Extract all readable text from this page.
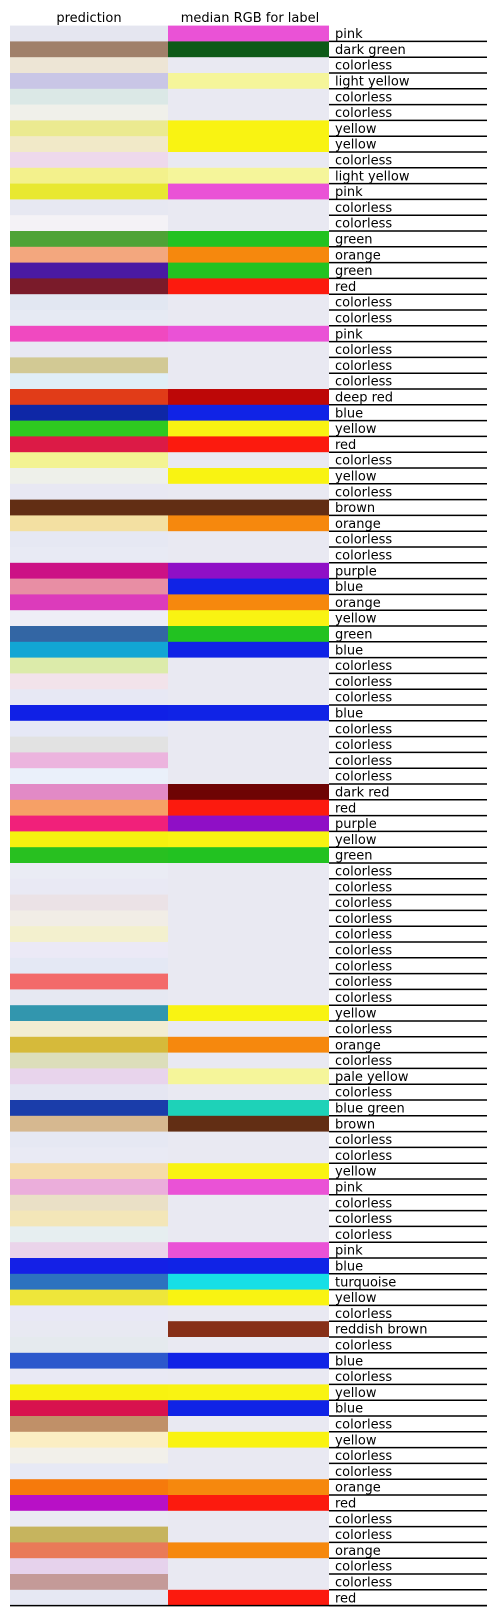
prediction	median RGB for label
pink
dark green
colorless
light yellow
colorless
colorless
yellow
yellow
colorless
light yellow
pink
colorless
colorless
green
orange
green
red
colorless
colorless
pink
colorless
colorless
colorless
deep red
blue
yellow
red
colorless
yellow
colorless
brown
orange
colorless
colorless
purple
blue
orange
yellow
green
blue
colorless
colorless
colorless
blue
colorless
colorless
colorless
colorless
dark red
red
purple
yellow
green
colorless
colorless
colorless
colorless
colorless
colorless
colorless
colorless
colorless
yellow
colorless
orange
colorless
pale yellow
colorless
blue green
brown
colorless
colorless
yellow
pink
colorless
colorless
colorless
pink
blue
turquoise
yellow
colorless
reddish brown
colorless
blue
colorless
yellow
blue
colorless
yellow
colorless
colorless
orange
red
colorless
colorless
orange
colorless
colorless
red
